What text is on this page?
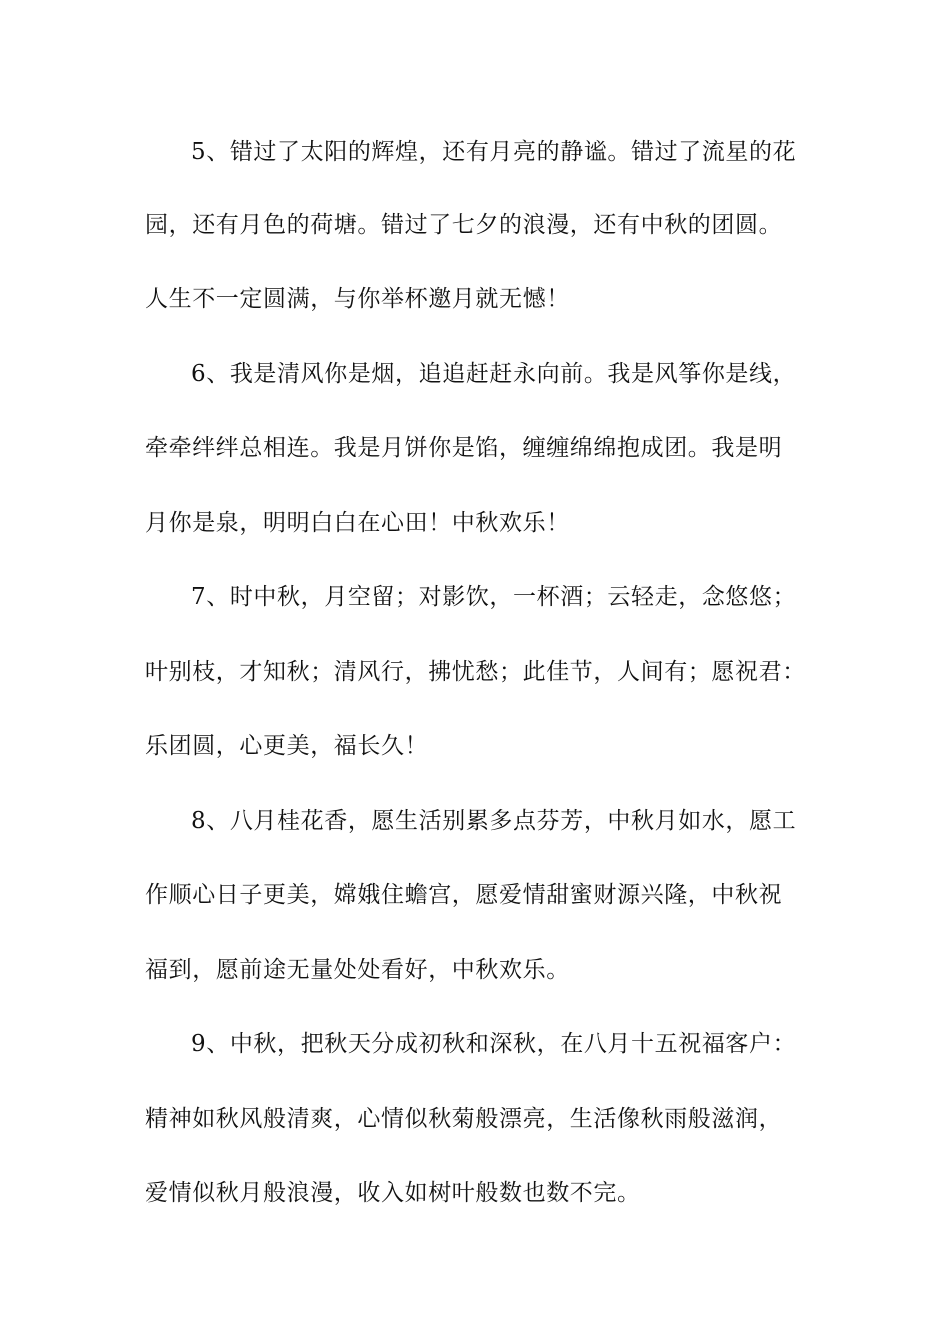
5、错过了太阳的辉煌，还有月亮的静谧。错过了流星的花
园，还有月色的荷塘。错过了七夕的浪漫，还有中秋的团圆。
人生不一定圆满，与你举杯邀月就无憾！
6、我是清风你是烟，追追赶赶永向前。我是风筝你是线，
牵牵绊绊总相连。我是月饼你是馅，缠缠绵绵抱成团。我是明
月你是泉，明明白白在心田！中秋欢乐！
7、时中秋，月空留；对影饮，一杯酒；云轻走，念悠悠；
叶别枝，才知秋；清风行，拂忧愁；此佳节，人间有；愿祝君：
乐团圆，心更美，福长久！
8、八月桂花香，愿生活别累多点芬芳，中秋月如水，愿工
作顺心日子更美，嫦娥住蟾宫，愿爱情甜蜜财源兴隆，中秋祝
福到，愿前途无量处处看好，中秋欢乐。
9、中秋，把秋天分成初秋和深秋，在八月十五祝福客户：
精神如秋风般清爽，心情似秋菊般漂亮，生活像秋雨般滋润，
爱情似秋月般浪漫，收入如树叶般数也数不完。
